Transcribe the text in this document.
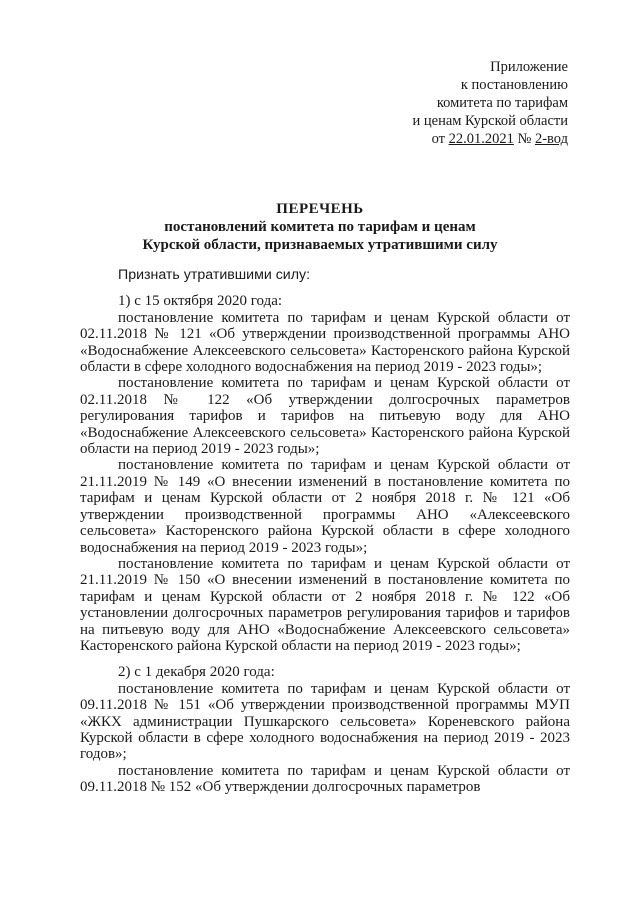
Приложение
к постановлению
комитета по тарифам
и ценам Курской области
от 22.01.2021 № 2-вод
ПЕРЕЧЕНЬ
постановлений комитета по тарифам и ценам
Курской области, признаваемых утратившими силу

Признать утратившими силу:

1) с 15 октября 2020 года:

постановление комитета по тарифам и ценам Курской области от 02.11.2018 № 121 «Об утверждении производственной программы АНО «Водоснабжение Алексеевского сельсовета» Касторенского района Курской области в сфере холодного водоснабжения на период 2019 - 2023 годы»;

постановление комитета по тарифам и ценам Курской области от 02.11.2018 № 122 «Об утверждении долгосрочных параметров регулирования тарифов и тарифов на питьевую воду для АНО «Водоснабжение Алексеевского сельсовета» Касторенского района Курской области на период 2019 - 2023 годы»;

постановление комитета по тарифам и ценам Курской области от 21.11.2019 № 149 «О внесении изменений в постановление комитета по тарифам и ценам Курской области от 2 ноября 2018 г. № 121 «Об утверждении производственной программы АНО «Алексеевского сельсовета» Касторенского района Курской области в сфере холодного водоснабжения на период 2019 - 2023 годы»;

постановление комитета по тарифам и ценам Курской области от 21.11.2019 № 150 «О внесении изменений в постановление комитета по тарифам и ценам Курской области от 2 ноября 2018 г. № 122 «Об установлении долгосрочных параметров регулирования тарифов и тарифов на питьевую воду для АНО «Водоснабжение Алексеевского сельсовета» Касторенского района Курской области на период 2019 - 2023 годы»;

2) с 1 декабря 2020 года:

постановление комитета по тарифам и ценам Курской области от 09.11.2018 № 151 «Об утверждении производственной программы МУП «ЖКХ администрации Пушкарского сельсовета» Кореневского района Курской области в сфере холодного водоснабжения на период 2019 - 2023 годов»;

постановление комитета по тарифам и ценам Курской области от 09.11.2018 № 152 «Об утверждении долгосрочных параметров
